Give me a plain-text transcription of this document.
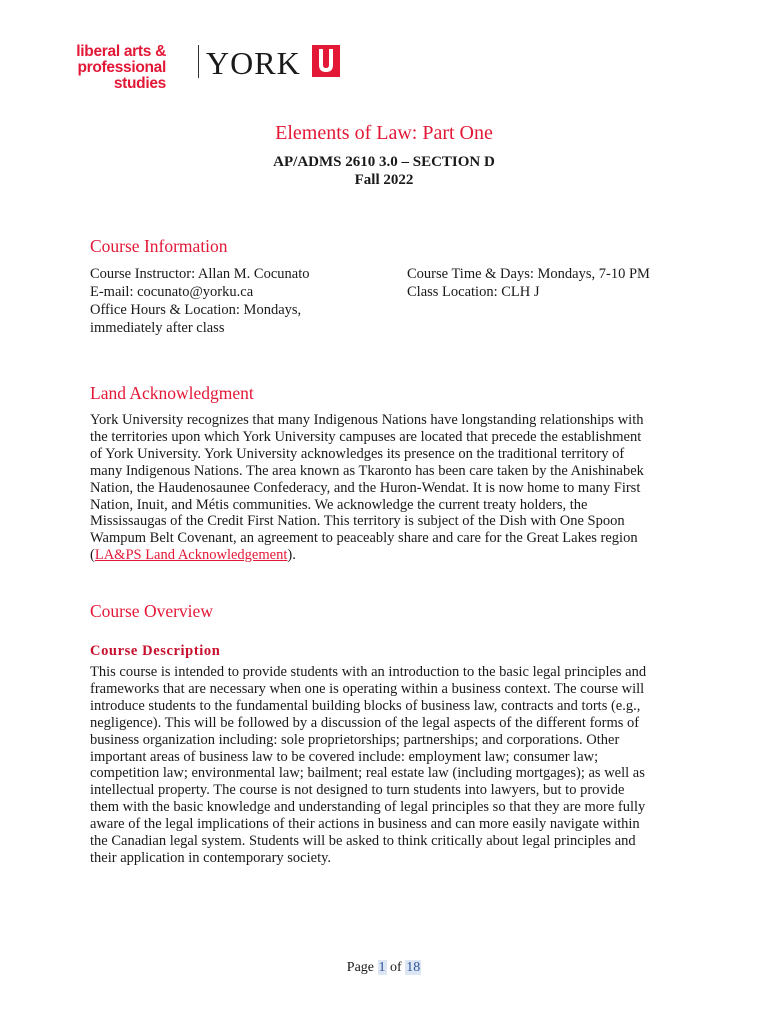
liberal arts &
professional studies
YORK
Elements of Law: Part One
AP/ADMS 2610 3.0 – SECTION D
Fall 2022
Course Information
Course Instructor: Allan M. Cocunato
E-mail: cocunato@yorku.ca
Office Hours & Location: Mondays,
immediately after class
Course Time & Days: Mondays, 7-10 PM
Class Location: CLH J
Land Acknowledgment
York University recognizes that many Indigenous Nations have longstanding relationships with
the territories upon which York University campuses are located that precede the establishment
of York University. York University acknowledges its presence on the traditional territory of
many Indigenous Nations. The area known as Tkaronto has been care taken by the Anishinabek
Nation, the Haudenosaunee Confederacy, and the Huron-Wendat. It is now home to many First
Nation, Inuit, and Métis communities. We acknowledge the current treaty holders, the
Mississaugas of the Credit First Nation. This territory is subject of the Dish with One Spoon
Wampum Belt Covenant, an agreement to peaceably share and care for the Great Lakes region
(LA&PS Land Acknowledgement).
Course Overview
Course Description
This course is intended to provide students with an introduction to the basic legal principles and
frameworks that are necessary when one is operating within a business context. The course will
introduce students to the fundamental building blocks of business law, contracts and torts (e.g.,
negligence). This will be followed by a discussion of the legal aspects of the different forms of
business organization including: sole proprietorships; partnerships; and corporations. Other
important areas of business law to be covered include: employment law; consumer law;
competition law; environmental law; bailment; real estate law (including mortgages); as well as
intellectual property. The course is not designed to turn students into lawyers, but to provide
them with the basic knowledge and understanding of legal principles so that they are more fully
aware of the legal implications of their actions in business and can more easily navigate within
the Canadian legal system. Students will be asked to think critically about legal principles and
their application in contemporary society.
Page 1 of 18
